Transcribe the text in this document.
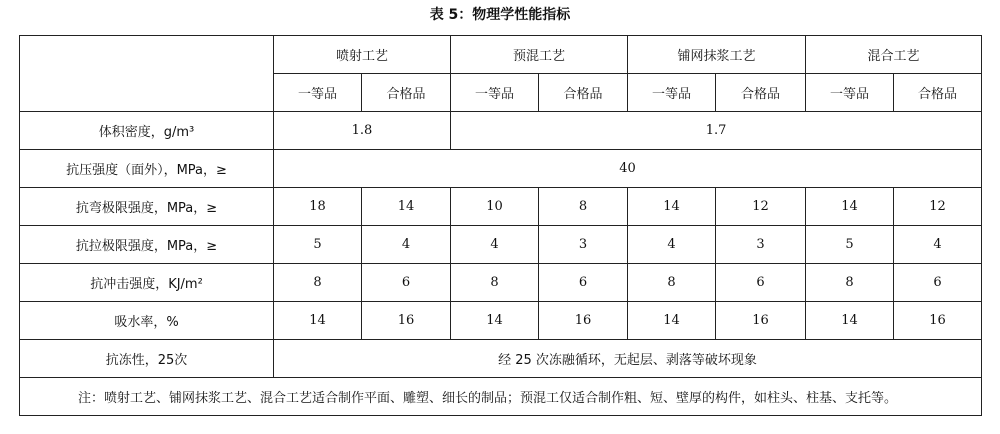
表 5：物理学性能指标
	喷射工艺		预混工艺		铺网抹浆工艺		混合工艺	
	一等品	合格品	一等品	合格品	一等品	合格品	一等品	合格品
体积密度，g/m³	1.8		1.7					
抗压强度（面外），MPa，≥	40							
抗弯极限强度，MPa，≥	18	14	10	8	14	12	14	12
抗拉极限强度，MPa，≥	5	4	4	3	4	3	5	4
抗冲击强度，KJ/m²	8	6	8	6	8	6	8	6
吸水率，%	14	16	14	16	14	16	14	16
抗冻性，25次	经 25 次冻融循环，无起层、剥落等破坏现象							
注：喷射工艺、铺网抹浆工艺、混合工艺适合制作平面、雕塑、细长的制品；预混工仅适合制作粗、短、壁厚的构件，如柱头、柱基、支托等。								
